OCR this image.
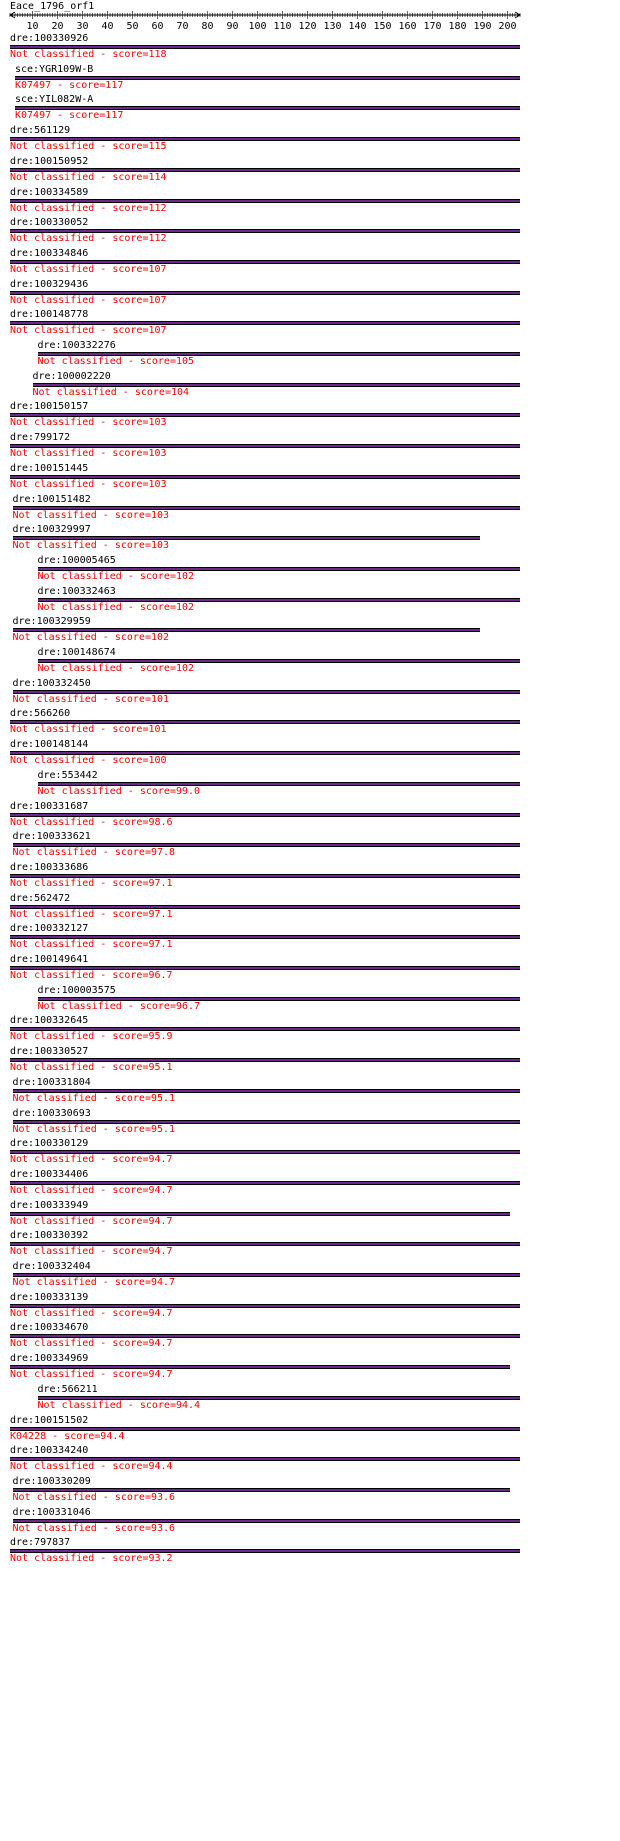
Eace_1796_orf1
10 20 30 40 50 60 70 80 90 100 110 120 130 140 150 160 170 180 190 200
dre:100330926
Not classified - score=118
sce:YGR109W-B
K07497 - score=117
sce:YIL082W-A
K07497 - score=117
dre:561129
Not classified - score=115
dre:100150952
Not classified - score=114
dre:100334589
Not classified - score=112
dre:100330052
Not classified - score=112
dre:100334846
Not classified - score=107
dre:100329436
Not classified - score=107
dre:100148778
Not classified - score=107
dre:100332276
Not classified - score=105
dre:100002220
Not classified - score=104
dre:100150157
Not classified - score=103
dre:799172
Not classified - score=103
dre:100151445
Not classified - score=103
dre:100151482
Not classified - score=103
dre:100329997
Not classified - score=103
dre:100005465
Not classified - score=102
dre:100332463
Not classified - score=102
dre:100329959
Not classified - score=102
dre:100148674
Not classified - score=102
dre:100332450
Not classified - score=101
dre:566260
Not classified - score=101
dre:100148144
Not classified - score=100
dre:553442
Not classified - score=99.0
dre:100331687
Not classified - score=98.6
dre:100333621
Not classified - score=97.8
dre:100333686
Not classified - score=97.1
dre:562472
Not classified - score=97.1
dre:100332127
Not classified - score=97.1
dre:100149641
Not classified - score=96.7
dre:100003575
Not classified - score=96.7
dre:100332645
Not classified - score=95.9
dre:100330527
Not classified - score=95.1
dre:100331804
Not classified - score=95.1
dre:100330693
Not classified - score=95.1
dre:100330129
Not classified - score=94.7
dre:100334406
Not classified - score=94.7
dre:100333949
Not classified - score=94.7
dre:100330392
Not classified - score=94.7
dre:100332404
Not classified - score=94.7
dre:100333139
Not classified - score=94.7
dre:100334670
Not classified - score=94.7
dre:100334969
Not classified - score=94.7
dre:566211
Not classified - score=94.4
dre:100151502
K04228 - score=94.4
dre:100334240
Not classified - score=94.4
dre:100330209
Not classified - score=93.6
dre:100331046
Not classified - score=93.6
dre:797837
Not classified - score=93.2
